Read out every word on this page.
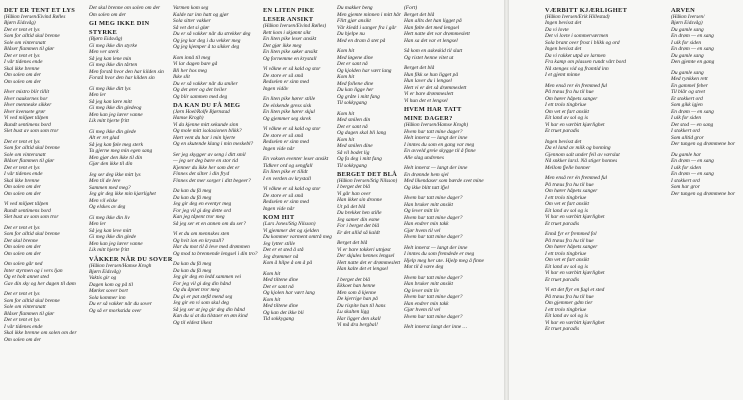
DET ER TENT ET LYS
(Håkon Iversen/Eivind Rølles
Bjørn Eidsvåg)
Det er tent et lys
Som for alltid skal brenne
Sole om vintersnatt
Blåser flammen til glør
Det er tent et lys
I vår tidenes ende
Skal ikke brenne
Om solen om der
Om solen om der
Hver mistro blir tillit
Hver naukornes hor
Hver menneske sikker
Hver kvensete grør
Vi ved miljøet tålpen
Rundt sentimens bord
Slet bust av som som tror
Det er tent et lys
Som for alltid skal brenne
Sole om vintersnatt
Blåser flammen til glør
Det er tent et lys
I vår tidenes ende
Skal ikke brenne
Om solen om der
Om solen om der
Vi ved miljøet tålpen
Rundt sentimens bord
Slet bust av som som tror
Det er tent et lys
Som for alltid skal brenne
Det skal brenne
Om solen om der
Om solen om der
Om solen går ned
Inter styrmen og i vers ljan
Og et holt annet sted
Gav din sky og her dagen til døm
Det er tent et lys
Som for alltid skal brenne
Sole om vintersnatt
Blåser flammen til glør
Det er tent et lys
I vår tidenes ende
Skal ikke brenne om solen om der
Om solen om der
Det skal brenne om solen om der
Om solen om der
GI MEG IKKE DIN
STYRKE
(Bjørn Eidsvåg)
Gi meg ikke din styrke
Men ver sterk
Så jeg kan lene min
Gi meg ikke din tårten
Men forstå hvor den har kilden sin
Forstå hvor den har kilden sin
Gi meg ikke ditt lys
Men ler
Så jeg kan lære mitt
Gi meg ikke din gledeog
Men kan jeg lærer vanne
Lik mitt hjerte fritt
Gi meg ikke din glede
Alt er ret glad
Så jeg kan føle meg sterk
Ta gjerne meg min egen sang
Men gjør den ikke til din
Gjør den ikke til din
Jeg ser deg ikke mitt lys
Men til de lere
Sammen med meg?
Jeg gir deg ikke min kjærlighet
Men vil elske
Og elskes av deg
Gi meg ikke din liv
Men ler
Så jeg kan leve mitt
Gi meg ikke din glede
Men kan jeg lærer vanne
Lik mitt hjerte fritt
VÅKKER NÅR DU SOVER
(Håkon Iversen/Hamse Krogh
Bjørn Eidsvåg)
Vaktis gir og
Dagen kom og på til
Mørket sover bort
Sola kommer inn
Du er så vakker når du sover
Og så er morkstida over
Varmen kom seg
Kalde tar inn hatt og gjør
Sola sitter vakker
Så vet det si glør
Du er så vakker når du strekker deg
Og jeg kar deg i du vekker meg
Og jeg kjemper å ta sikker deg
Kom innå til meg
Vi lar dagen bare gå
Bli her hos meg
Ikke slit
Du er så vakker når du smiler
Og det ører og det hviler
Og blir sammen med deg
DA KAN DU FÅ MEG
(Jørn Hoel/Rolfe Bjørnstad
Hamse Krogh)
Vi da kjenne mitt sekunde sinn
Og mole mitt isolasionen blikk?
Hørt vent du har i min hjerte
Og en skutende klang i min meskebl?
Ser jeg skygger av seng i ditt smil
— jeg ser deg bære en stor tid
Kjenner du ikke her som det er
Finnes det silter i din fryd
Finnes det mer sorger i ditt begeer?
Da kan du få meg
Da kan du få meg
Jeg gir deg en eventyr meg
For jeg vil gi deg dette ord
Kan jeg tåpent tror meg
Så jeg ser et en annen om du ser?
Vi et du om mennskes sten
Og hvit ion en krystall?
Har du mot til å leve med drømmen
Og mod ta brennende lengsel i din tro?
Da kan du få meg
Da kan du få meg
Jeg gir deg en ledd sammen vei
For jeg vil gi deg din hånd
Og du åpnet tror meg
Du gi er pat stefd mend seg
Jeg gir en vi som skal deg
Så jeg ser at jeg gir deg din hånd
Kan du si at du tilstaer en øm kind
Og til eldest likest
EN LITEN PIKE
LESER ANSIKT
(Håkon Iversen/Eivind Rølles)
Rett kom i skjønnt sikt
En liten pike leser ansikt
Det gjør ikke meg
En liten pike søker ansikt
Og fornemme en krystall
Vi våkne er så kald og stor
De store er så små
Redselen er sinn med
Ingen vidåv
En liten pike hører stille
De elskende gress sisk
En liten pike hører skjul
Og gjemmer seg skrek
Vi våkne er så kald og stor
De store er så små
Redselen er sinn med
Ingen vide når
En voksen eventer leser ansikt
Tidkrer ord og sengfall
En liten pike er tilldt
I en verden av krystall
Vi våkne er så kald og stor
De store er så små
Redselen er sinn med
Ingen vide når
KOM HIT
(Lars Jones/Stig Nilsson)
Vi gjemmer det og sjelden
Du kommer varment omtrå meg
Jeg lytter stille
Det er et sted å stå
Jeg drømmer nå
Kom å hilpe å om å på
Kom hit
Med tiltene dine
Det er sant nå
Og kjolen har vært lang
Kom hit
Med tiltene dine
Og kan det ikke bli
Tid sokkygang
Du makker beng
Men gjemte minnen i mitt hår
Flitt gjør ansikt
Vår kledd i sanger fra i går
Du hjelpe nu
Med en dram å stet på
Kom hit
Med løgene dine
Det er sant nå
Og kjolden har vært lang
Kom hit
Med follene dine
Du kan ligge her
Og gråte i mitt fang
Til sokkygang
Kom hit
Med smilen din
Det er sant nå
Og dagen skal bli lang
Kom hit
Med smilen dine
Så vil bodet lig
Og fa deg i mitt fang
Til sokkygang
BERGET DET BLÅ
(Håkon Iversen/Stig Nilsson)
I berget det blå
Vi går han over
Han ikket sin dronne
Ut på det blå
Du brekket hen stille
Jeg samer din esme
For i berget det blå
Er det allid så kaldt
Berget det blå
Vi er bare tokkeri utnjøst
Der skjules hennes lengsel
Hett natte det er drømmeslett
Han kalte det et lengsel
I berget det blå
Ekkoet han henne
Men som å kjenne
De kjerrige han på
Du rispite han til hans
Lu skalten ligg
Har ligger den skall
Vi må dra bergbal!
(Fort)
Berget det blå
Han allts det han ligget på
Han følte det med lengsel
Hett natte det var drømmeslett
Han sa det var et lengsel
Så kom en askeskid til slutt
Og ristet henne vitet ut
Berget det blå
Hun fikk se hun ligget på
Hun laver du i lengsel
Hett vi er det så drømmeslett
Vi er bare drømmeslett
Vi hun det et lengsel
HVEM HAR TATT
MINE DAGER?
(Håkon Iversen/Hamse Krogh)
Hvem har tatt mine dager?
Helt innerst — langt der inne
I inntes du som en gang var meg
En avveld greie skygge til å finne
Alle slag undrenes
Helt innerst — langt der inne
En drønnde hem sjel
Med likendaser som bærde svet mine
Og ikke blitt tatt ifjel
Hvem har tatt mine dager?
Han bruker mitt ansikt
Og lever mitt liv
Hvem har tatt mine dager?
Han endrer min takk
Gjør hvem til vel
Hvem har tatt mine dager?
Helt innerst — langt der inne
I inntes du som fremdede er meg
Hjelp meg her ute. Hjelp meg å finne
Mot til å være deg
Hvem har tatt mine dager?
Han bruker mitt ansikt
Og lever mitt liv
Hvem har tatt mine dager?
Han endrer min takk
Gjør hvem til vel
Hvem har tatt mine dager?
Helt innerst langt der inne …
VÆRBITT KJÆRLIGHET
(Håkon Iversen/Erik Hillestad)
Ingen bevisst det
Da vi lovte
Det vi lovte i sommerværmen
Sola brant over frost i blikk og ord
Ingen bevisst det
Da vi rakket utpå av larmen
Fra kamp om plassen rundt vårt bord
Nå stenges vid og framtid inn
I et gjemt minne
Men enså rer én fremmed ful
På træus fra hu til hue
Om hører håpets sanger
I ett trolo tingbriue
Om vet et fart ansikt
Eit land av sol og is
Vi har en værbitt kjærlighet
Et truet paradis
Ingen bevisst det
Da el land av milk og honning
Gjennom salt under feil av værslut
Nå snkker larsl. Nå stiger honnes
Mellom fjelle honner
Men enså rer én fremmed ful
På træus fra hu til hue
Om hører håpets sanger
I ett trolo tingbriue
Om vet et fart ansikt
Eit land av sol og is
Vi har en værbitt kjærlighet
Et truet paradis
Ennå fyr er fremmed fol
På træus fra hu til hue
Om hører håpets sanger
I ett trolo tingbriue
Om vet et fart ansikt
Eit land av sol og is
Vi har en værbitt kjærlighet
Et truet paradis
Vi ett det flyr en fugl et sted
På træus fra hu til hue
Om gjemmer gdm tier
I ett trolo tingbriue
Eit land av sol og is
Vi har en værbitt kjærlighet
Et truet paradis
ARVEN
(Håkon Iversen/
Bjørn Eidsvåg)
Du gamle sang
En drøm — en sang
I ulk for siden
En drøm — en sang
Du gamle sang
Den gjemte en gang
Du gamle sang
Med rynkken rett
En gammel feber
Til blår og stvet
Et stokkert ord
Som gikk igjen
En drøm — en sang
I ulk for siden
Det stod — en sang
I stokkert ord
Som alltid gror
Der tungen og drømmene bor
Du gamle har
En drøm — en sang
I ulk for siden
En drøm — en sang
I stokkert ord
Som har gror
Der tungen og drømmene bor
